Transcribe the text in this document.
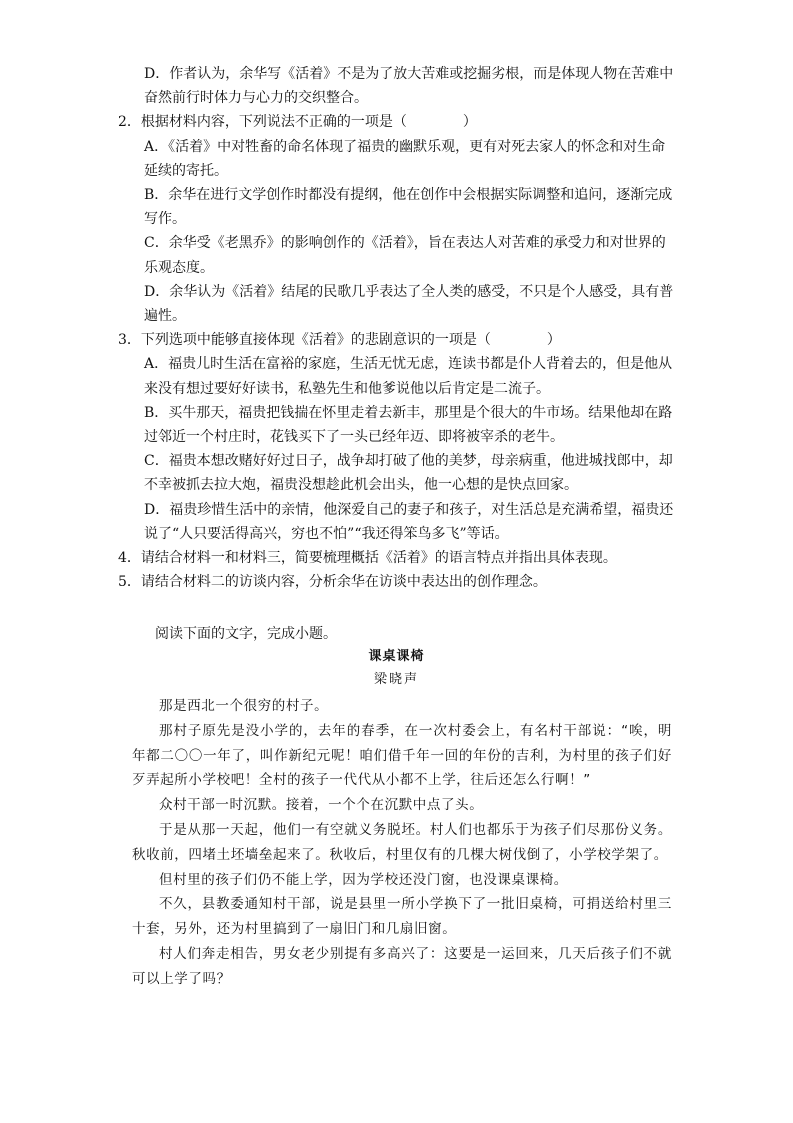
D．作者认为，余华写《活着》不是为了放大苦难或挖掘劣根，而是体现人物在苦难中奋然前行时体力与心力的交织整合。

2．根据材料内容，下列说法不正确的一项是（　　　　）

A．《活着》中对牲畜的命名体现了福贵的幽默乐观，更有对死去家人的怀念和对生命延续的寄托。

B．余华在进行文学创作时都没有提纲，他在创作中会根据实际调整和追问，逐渐完成写作。

C．余华受《老黑乔》的影响创作的《活着》，旨在表达人对苦难的承受力和对世界的乐观态度。

D．余华认为《活着》结尾的民歌几乎表达了全人类的感受，不只是个人感受，具有普遍性。

3．下列选项中能够直接体现《活着》的悲剧意识的一项是（　　　　）

A．福贵儿时生活在富裕的家庭，生活无忧无虑，连读书都是仆人背着去的，但是他从来没有想过要好好读书，私塾先生和他爹说他以后肯定是二流子。

B．买牛那天，福贵把钱揣在怀里走着去新丰，那里是个很大的牛市场。结果他却在路过邻近一个村庄时，花钱买下了一头已经年迈、即将被宰杀的老牛。

C．福贵本想改赌好好过日子，战争却打破了他的美梦，母亲病重，他进城找郎中，却不幸被抓去拉大炮，福贵没想趁此机会出头，他一心想的是快点回家。

D．福贵珍惜生活中的亲情，他深爱自己的妻子和孩子，对生活总是充满希望，福贵还说了“人只要活得高兴，穷也不怕”“我还得笨鸟多飞”等话。

4．请结合材料一和材料三，简要梳理概括《活着》的语言特点并指出具体表现。

5．请结合材料二的访谈内容，分析余华在访谈中表达出的创作理念。

阅读下面的文字，完成小题。

课桌课椅

梁晓声

那是西北一个很穷的村子。

那村子原先是没小学的，去年的春季，在一次村委会上，有名村干部说：“唉，明年都二〇〇一年了，叫作新纪元呢！咱们借千年一回的年份的吉利，为村里的孩子们好歹弄起所小学校吧！全村的孩子一代代从小都不上学，往后还怎么行啊！”

众村干部一时沉默。接着，一个个在沉默中点了头。

于是从那一天起，他们一有空就义务脱坯。村人们也都乐于为孩子们尽那份义务。秋收前，四堵土坯墙垒起来了。秋收后，村里仅有的几棵大树伐倒了，小学校学架了。

但村里的孩子们仍不能上学，因为学校还没门窗，也没课桌课椅。

不久，县教委通知村干部，说是县里一所小学换下了一批旧桌椅，可捐送给村里三十套，另外，还为村里搞到了一扇旧门和几扇旧窗。

村人们奔走相告，男女老少别提有多高兴了：这要是一运回来，几天后孩子们不就可以上学了吗？
